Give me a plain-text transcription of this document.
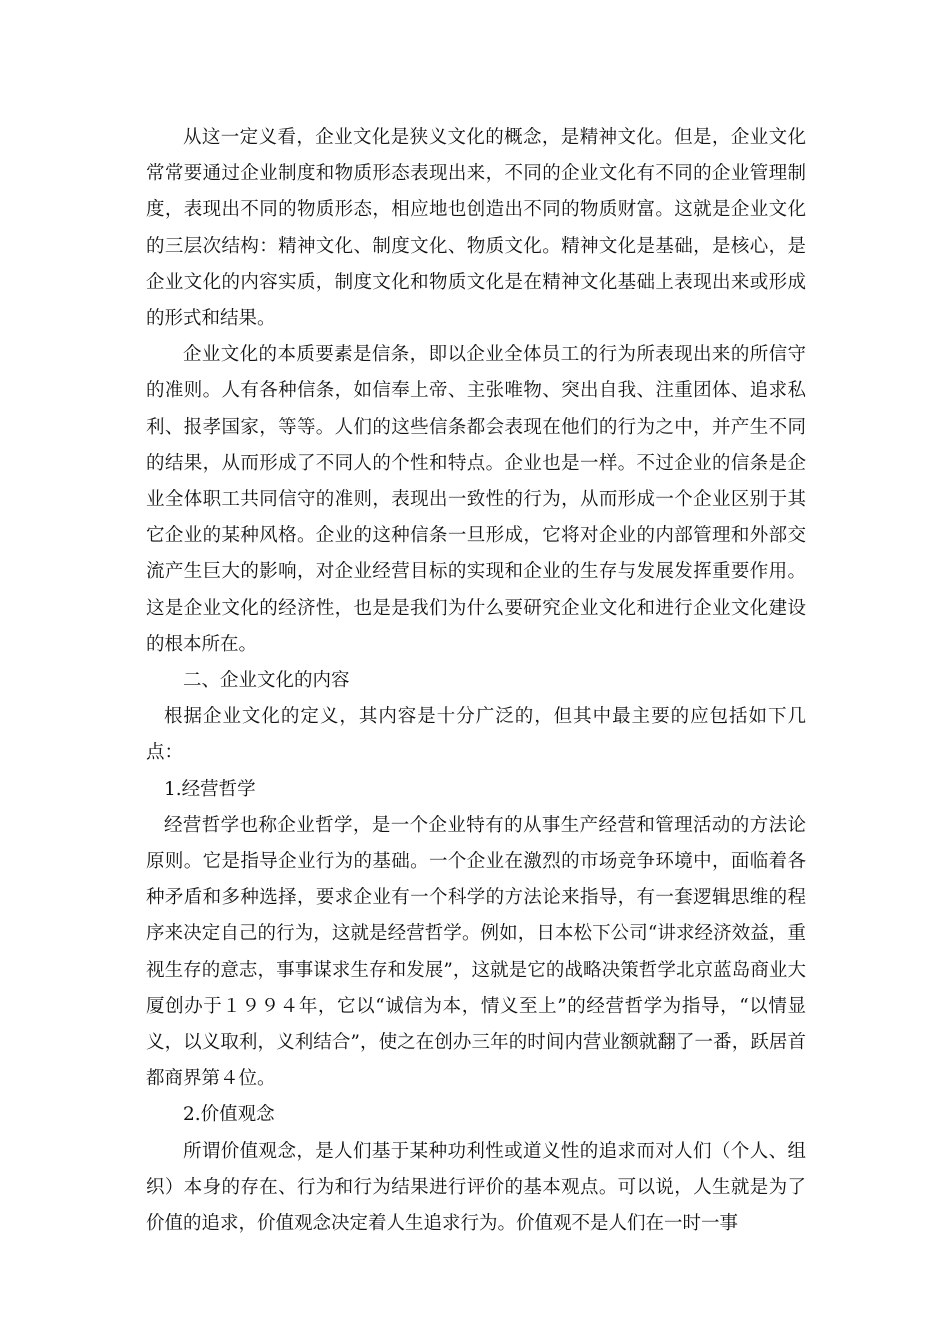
从这一定义看，企业文化是狭义文化的概念，是精神文化。但是，企业文化常常要通过企业制度和物质形态表现出来，不同的企业文化有不同的企业管理制度，表现出不同的物质形态，相应地也创造出不同的物质财富。这就是企业文化的三层次结构：精神文化、制度文化、物质文化。精神文化是基础，是核心，是企业文化的内容实质，制度文化和物质文化是在精神文化基础上表现出来或形成的形式和结果。

企业文化的本质要素是信条，即以企业全体员工的行为所表现出来的所信守的准则。人有各种信条，如信奉上帝、主张唯物、突出自我、注重团体、追求私利、报孝国家，等等。人们的这些信条都会表现在他们的行为之中，并产生不同的结果，从而形成了不同人的个性和特点。企业也是一样。不过企业的信条是企业全体职工共同信守的准则，表现出一致性的行为，从而形成一个企业区别于其它企业的某种风格。企业的这种信条一旦形成，它将对企业的内部管理和外部交流产生巨大的影响，对企业经营目标的实现和企业的生存与发展发挥重要作用。这是企业文化的经济性，也是是我们为什么要研究企业文化和进行企业文化建设的根本所在。

二、企业文化的内容

根据企业文化的定义，其内容是十分广泛的，但其中最主要的应包括如下几点：

1.经营哲学

经营哲学也称企业哲学，是一个企业特有的从事生产经营和管理活动的方法论原则。它是指导企业行为的基础。一个企业在激烈的市场竞争环境中，面临着各种矛盾和多种选择，要求企业有一个科学的方法论来指导，有一套逻辑思维的程序来决定自己的行为，这就是经营哲学。例如，日本松下公司“讲求经济效益，重视生存的意志，事事谋求生存和发展”，这就是它的战略决策哲学北京蓝岛商业大厦创办于１９９４年，它以“诚信为本，情义至上”的经营哲学为指导，“以情显义，以义取利，义利结合”，使之在创办三年的时间内营业额就翻了一番，跃居首都商界第４位。

2.价值观念

所谓价值观念，是人们基于某种功利性或道义性的追求而对人们（个人、组织）本身的存在、行为和行为结果进行评价的基本观点。可以说，人生就是为了价值的追求，价值观念决定着人生追求行为。价值观不是人们在一时一事
